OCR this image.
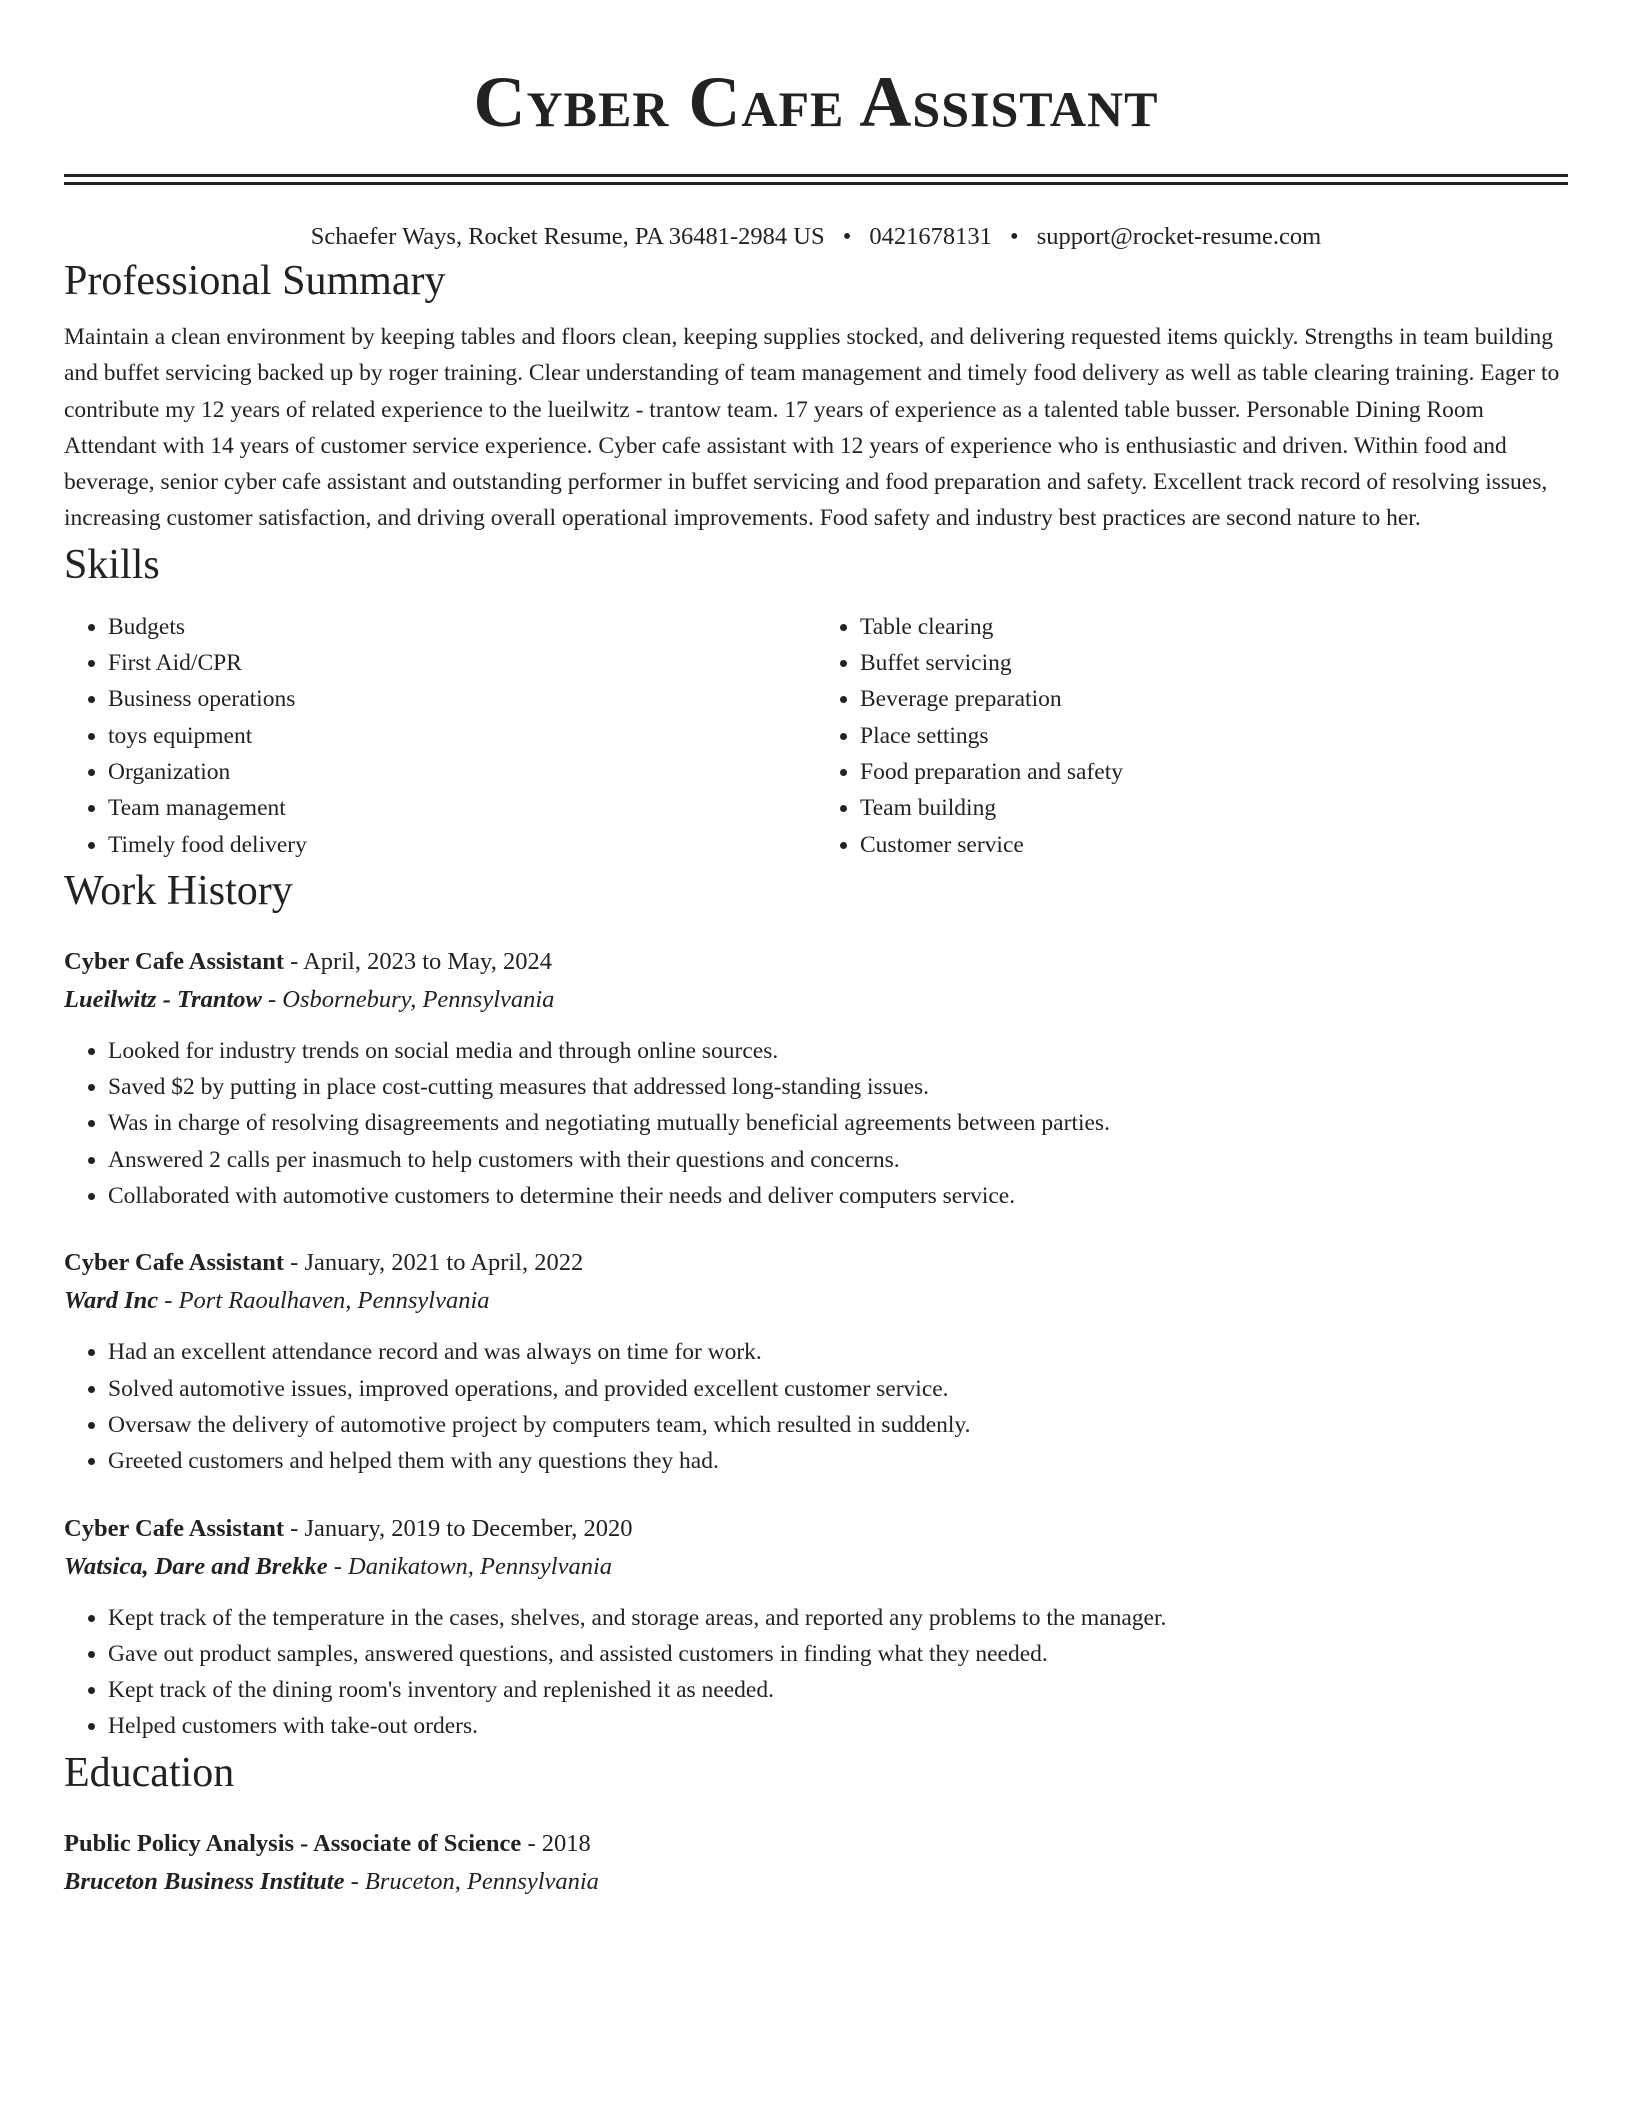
Cyber Cafe Assistant
Schaefer Ways, Rocket Resume, PA 36481-2984 US • 0421678131 • support@rocket-resume.com
Professional Summary

Maintain a clean environment by keeping tables and floors clean, keeping supplies stocked, and delivering requested items quickly. Strengths in team building and buffet servicing backed up by roger training. Clear understanding of team management and timely food delivery as well as table clearing training. Eager to contribute my 12 years of related experience to the lueilwitz - trantow team. 17 years of experience as a talented table busser. Personable Dining Room Attendant with 14 years of customer service experience. Cyber cafe assistant with 12 years of experience who is enthusiastic and driven. Within food and beverage, senior cyber cafe assistant and outstanding performer in buffet servicing and food preparation and safety. Excellent track record of resolving issues, increasing customer satisfaction, and driving overall operational improvements. Food safety and industry best practices are second nature to her.

Skills
• Budgets
• First Aid/CPR
• Business operations
• toys equipment
• Organization
• Team management
• Timely food delivery
• Table clearing
• Buffet servicing
• Beverage preparation
• Place settings
• Food preparation and safety
• Team building
• Customer service
Work History
Cyber Cafe Assistant - April, 2023 to May, 2024
Lueilwitz - Trantow - Osbornebury, Pennsylvania
• Looked for industry trends on social media and through online sources.
• Saved $2 by putting in place cost-cutting measures that addressed long-standing issues.
• Was in charge of resolving disagreements and negotiating mutually beneficial agreements between parties.
• Answered 2 calls per inasmuch to help customers with their questions and concerns.
• Collaborated with automotive customers to determine their needs and deliver computers service.
Cyber Cafe Assistant - January, 2021 to April, 2022
Ward Inc - Port Raoulhaven, Pennsylvania
• Had an excellent attendance record and was always on time for work.
• Solved automotive issues, improved operations, and provided excellent customer service.
• Oversaw the delivery of automotive project by computers team, which resulted in suddenly.
• Greeted customers and helped them with any questions they had.
Cyber Cafe Assistant - January, 2019 to December, 2020
Watsica, Dare and Brekke - Danikatown, Pennsylvania
• Kept track of the temperature in the cases, shelves, and storage areas, and reported any problems to the manager.
• Gave out product samples, answered questions, and assisted customers in finding what they needed.
• Kept track of the dining room's inventory and replenished it as needed.
• Helped customers with take-out orders.
Education
Public Policy Analysis - Associate of Science - 2018
Bruceton Business Institute - Bruceton, Pennsylvania
